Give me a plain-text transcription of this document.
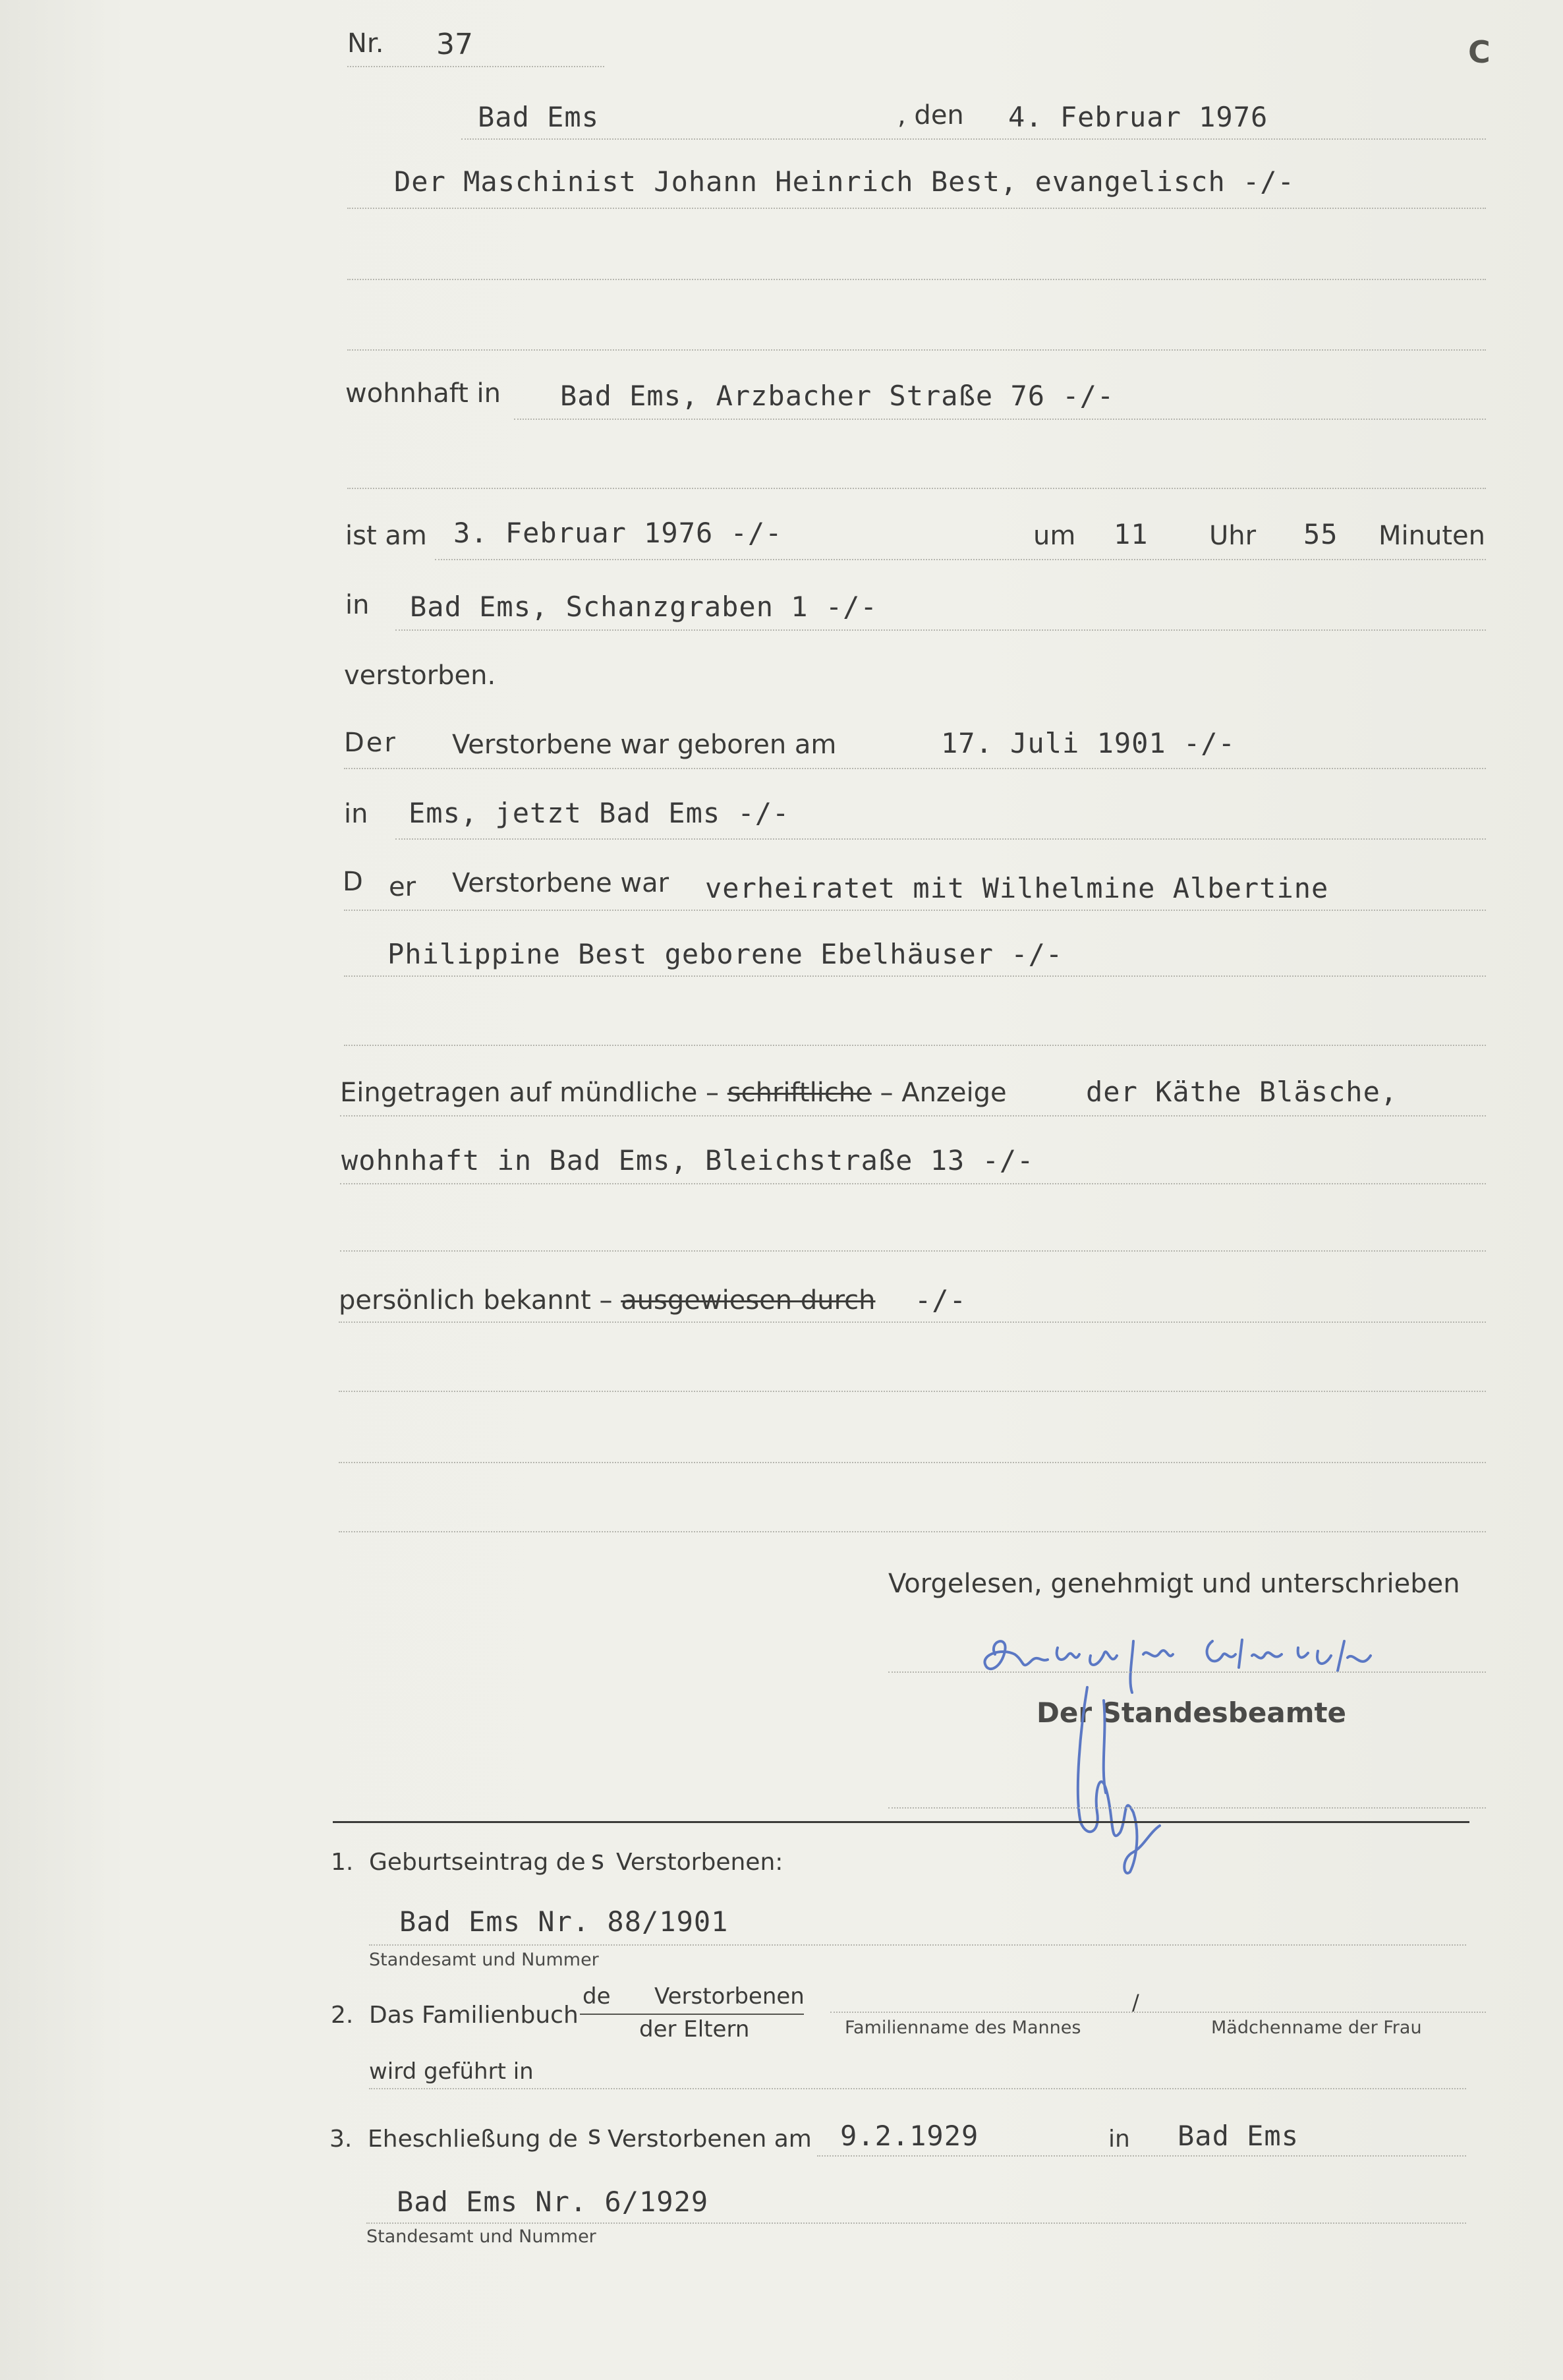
Nr. 37	C
Bad Ems	, den 4. Februar 1976
Der Maschinist Johann Heinrich Best, evangelisch -/-
wohnhaft in Bad Ems, Arzbacher Straße 76 -/-
ist am 3. Februar 1976 -/-	um 11 Uhr 55 Minuten
in Bad Ems, Schanzgraben 1 -/-
verstorben.
Der Verstorbene war geboren am	17. Juli 1901 -/-
in Ems, jetzt Bad Ems -/-
D er Verstorbene war verheiratet mit Wilhelmine Albertine
Philippine Best geborene Ebelhäuser -/-
Eingetragen auf mündliche – schriftliche – Anzeige	der Käthe Bläsche,
wohnhaft in Bad Ems, Bleichstraße 13 -/-
persönlich bekannt – ausgewiesen durch -/-
Vorgelesen, genehmigt und unterschrieben
Der Standesbeamte
1. Geburtseintrag de s Verstorbenen:
Bad Ems Nr. 88/1901
Standesamt und Nummer
2. Das Familienbuch
de Verstorbenen
der Eltern	Familienname des Mannes
/
Mädchenname der Frau
wird geführt in
3. Eheschließung de s Verstorbenen am 9.2.1929	in Bad Ems
Bad Ems Nr. 6/1929
Standesamt und Nummer
